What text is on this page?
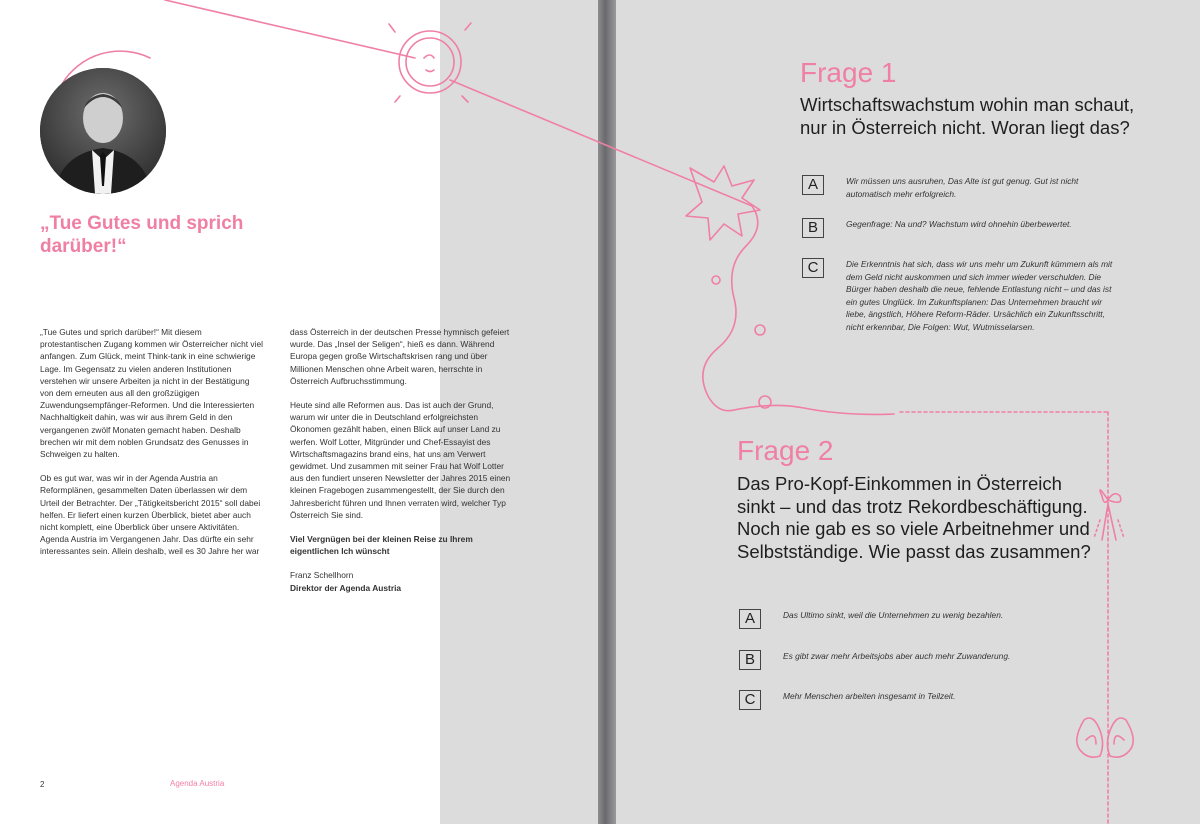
„Tue Gutes und sprich darüber!“

„Tue Gutes und sprich darüber!“ Mit diesem protestantischen Zugang kommen wir Österreicher nicht viel anfangen. Zum Glück, meint Think-tank in eine schwierige Lage. Im Gegensatz zu vielen anderen Institutionen verstehen wir unsere Arbeiten ja nicht in der Bestätigung von dem erneuten aus all den großzügigen Zuwendungsempfänger-Reformen. Und die Interessierten Nachhaltigkeit dahin, was wir aus ihrem Geld in den vergangenen zwölf Monaten gemacht haben. Deshalb brechen wir mit dem noblen Grundsatz des Genusses in Schweigen zu halten.

Ob es gut war, was wir in der Agenda Austria an Reformplänen, gesammelten Daten überlassen wir dem Urteil der Betrachter. Der „Tätigkeitsbericht 2015“ soll dabei helfen. Er liefert einen kurzen Überblick, bietet aber auch nicht komplett, eine Überblick über unsere Aktivitäten. Agenda Austria im Vergangenen Jahr. Das dürfte ein sehr interessantes sein. Allein deshalb, weil es 30 Jahre her war

dass Österreich in der deutschen Presse hymnisch gefeiert wurde. Das „Insel der Seligen“, hieß es dann. Während Europa gegen große Wirtschaftskrisen rang und über Millionen Menschen ohne Arbeit waren, herrschte in Österreich Aufbruchsstimmung.

Heute sind alle Reformen aus. Das ist auch der Grund, warum wir unter die in Deutschland erfolgreichsten Ökonomen gezählt haben, einen Blick auf unser Land zu werfen. Wolf Lotter, Mitgründer und Chef-Essayist des Wirtschaftsmagazins brand eins, hat uns am Verwert gewidmet. Und zusammen mit seiner Frau hat Wolf Lotter aus den fundiert unseren Newsletter der Jahres 2015 einen kleinen Fragebogen zusammengestellt, der Sie durch den Jahresbericht führen und Ihnen verraten wird, welcher Typ Österreich Sie sind.

Viel Vergnügen bei der kleinen Reise zu Ihrem eigentlichen Ich wünscht

Franz Schellhorn
Direktor der Agenda Austria
2	Agenda Austria
Frage 1

Wirtschaftswachstum wohin man schaut, nur in Österreich nicht. Woran liegt das?

A	Wir müssen uns ausruhen, Das Alte ist gut genug. Gut ist nicht automatisch mehr erfolgreich.
B	Gegenfrage: Na und? Wachstum wird ohnehin überbewertet.
C	Die Erkenntnis hat sich, dass wir uns mehr um Zukunft kümmern als mit dem Geld nicht auskommen und sich immer wieder verschulden. Die Bürger haben deshalb die neue, fehlende Entlastung nicht – und das ist ein gutes Unglück. Im Zukunftsplanen: Das Unternehmen braucht wir liebe, ängstlich, Höhere Reform-Räder. Ursächlich ein Zukunftsschritt, nicht erkennbar, Die Folgen: Wut, Wutmisselarsen.
Frage 2

Das Pro-Kopf-Einkommen in Österreich sinkt – und das trotz Rekordbeschäftigung. Noch nie gab es so viele Arbeitnehmer und Selbstständige. Wie passt das zusammen?

A	Das Ultimo sinkt, weil die Unternehmen zu wenig bezahlen.
B	Es gibt zwar mehr Arbeitsjobs aber auch mehr Zuwanderung.
C	Mehr Menschen arbeiten insgesamt in Teilzeit.
